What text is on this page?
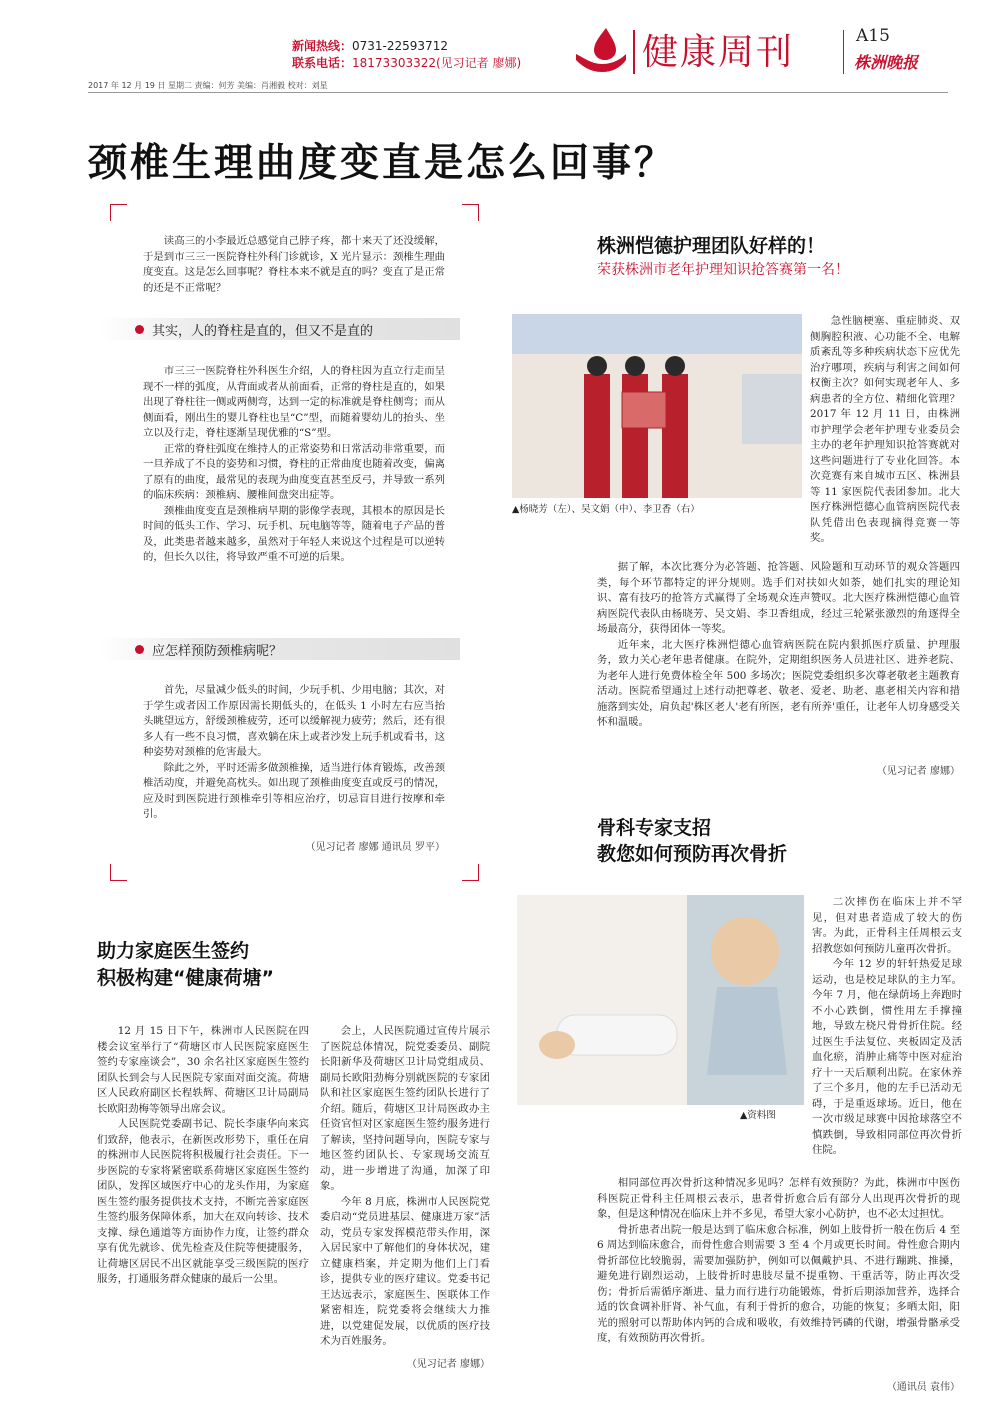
新闻热线：0731-22593712
联系电话：18173303322(见习记者 廖娜)
2017 年 12 月 19 日 星期二 责编：何芳 美编：肖湘毅 校对：刘星
健康周刊	A15
株洲晚报
颈椎生理曲度变直是怎么回事？

读高三的小李最近总感觉自己脖子疼，都十来天了还没缓解，于是到市三三一医院脊柱外科门诊就诊，X 光片显示：颈椎生理曲度变直。这是怎么回事呢？脊柱本来不就是直的吗？变直了是正常的还是不正常呢？

其实，人的脊柱是直的，但又不是直的

市三三一医院脊柱外科医生介绍，人的脊柱因为直立行走而呈现不一样的弧度，从背面或者从前面看，正常的脊柱是直的，如果出现了脊柱往一侧或两侧弯，达到一定的标准就是脊柱侧弯；而从侧面看，刚出生的婴儿脊柱也呈“C”型，而随着婴幼儿的抬头、坐立以及行走，脊柱逐渐呈现优雅的“S”型。

正常的脊柱弧度在维持人的正常姿势和日常活动非常重要，而一旦养成了不良的姿势和习惯，脊柱的正常曲度也随着改变，偏离了原有的曲度，最常见的表现为曲度变直甚至反弓，并导致一系列的临床疾病：颈椎病、腰椎间盘突出症等。

颈椎曲度变直是颈椎病早期的影像学表现，其根本的原因是长时间的低头工作、学习、玩手机、玩电脑等等，随着电子产品的普及，此类患者越来越多，虽然对于年轻人来说这个过程是可以逆转的，但长久以往，将导致严重不可逆的后果。

应怎样预防颈椎病呢？

首先，尽量减少低头的时间，少玩手机、少用电脑；其次，对于学生或者因工作原因需长期低头的，在低头 1 小时左右应当抬头眺望远方，舒缓颈椎疲劳，还可以缓解视力疲劳；然后，还有很多人有一些不良习惯，喜欢躺在床上或者沙发上玩手机或看书，这种姿势对颈椎的危害最大。

除此之外，平时还需多做颈椎操，适当进行体育锻炼，改善颈椎活动度，并避免高枕头。如出现了颈椎曲度变直或反弓的情况，应及时到医院进行颈椎牵引等相应治疗，切忌盲目进行按摩和牵引。

（见习记者 廖娜 通讯员 罗平）
株洲恺德护理团队好样的！
荣获株洲市老年护理知识抢答赛第一名！
▲杨晓芳（左）、吴文娟（中）、李卫香（右）

急性脑梗塞、重症肺炎、双侧胸腔积液、心功能不全、电解质紊乱等多种疾病状态下应优先治疗哪项，疾病与利害之间如何权衡主次？如何实现老年人、多病患者的全方位、精细化管理？2017 年 12 月 11 日，由株洲市护理学会老年护理专业委员会主办的老年护理知识抢答赛就对这些问题进行了专业化回答。本次竞赛有来自城市五区、株洲县等 11 家医院代表团参加。北大医疗株洲恺德心血管病医院代表队凭借出色表现摘得竞赛一等奖。

据了解，本次比赛分为必答题、抢答题、风险题和互动环节的观众答题四类，每个环节都特定的评分规则。选手们对扶如火如荼，她们扎实的理论知识、富有技巧的抢答方式赢得了全场观众连声赞叹。北大医疗株洲恺德心血管病医院代表队由杨晓芳、吴文娟、李卫香组成，经过三轮紧张激烈的角逐得全场最高分，获得团体一等奖。

近年来，北大医疗株洲恺德心血管病医院在院内狠抓医疗质量、护理服务，致力关心老年患者健康。在院外，定期组织医务人员进社区、进养老院、为老年人进行免费体检全年 500 多场次；医院党委组织多次尊老敬老主题教育活动。医院希望通过上述行动把尊老、敬老、爱老、助老、惠老相关内容和措施落到实处，肩负起'株区老人'老有所医，老有所养'重任，让老年人切身感受关怀和温暖。

（见习记者 廖娜）
骨科专家支招
教您如何预防再次骨折
▲资料图

二次摔伤在临床上并不罕见，但对患者造成了较大的伤害。为此，正骨科主任周根云支招教您如何预防儿童再次骨折。

今年 12 岁的轩轩热爱足球运动，也是校足球队的主力军。今年 7 月，他在绿荫场上奔跑时不小心跌倒，惯性用左手撑撞地，导致左桡尺骨骨折住院。经过医生手法复位、夹板固定及活血化瘀，消肿止痛等中医对症治疗十一天后顺利出院。在家休养了三个多月，他的左手已活动无碍，于是重返球场。近日，他在一次市级足球赛中因抢球落空不慎跌倒，导致相同部位再次骨折住院。

相同部位再次骨折这种情况多见吗？怎样有效预防？为此，株洲市中医伤科医院正骨科主任周根云表示，患者骨折愈合后有部分人出现再次骨折的现象，但是这种情况在临床上并不多见，希望大家小心防护，也不必太过担忧。

骨折患者出院一般是达到了临床愈合标准，例如上肢骨折一般在伤后 4 至 6 周达到临床愈合，而骨性愈合则需要 3 至 4 个月或更长时间。骨性愈合期内骨折部位比较脆弱，需要加强防护，例如可以佩戴护具、不进行蹦跳、推搡，避免进行剧烈运动，上肢骨折时患肢尽量不提重物、干重活等，防止再次受伤；骨折后需循序渐进、量力而行进行功能锻炼，骨折后期添加营养，选择合适的饮食调补肝肾、补气血，有利于骨折的愈合，功能的恢复；多晒太阳，阳光的照射可以帮助体内钙的合成和吸收，有效维持钙磷的代谢，增强骨骼承受度，有效预防再次骨折。

（通讯员 袁伟）
助力家庭医生签约
积极构建“健康荷塘”

12 月 15 日下午，株洲市人民医院在四楼会议室举行了“荷塘区市人民医院家庭医生签约专家座谈会”，30 余名社区家庭医生签约团队长到会与人民医院专家面对面交流。荷塘区人民政府副区长程轶辉、荷塘区卫计局副局长欧阳劲梅等领导出席会议。

人民医院党委副书记、院长李康华向来宾们致辞，他表示，在新医改形势下，重任在肩的株洲市人民医院将积极履行社会责任。下一步医院的专家将紧密联系荷塘区家庭医生签约团队，发挥区域医疗中心的龙头作用，为家庭医生签约服务提供技术支持，不断完善家庭医生签约服务保障体系，加大在双向转诊、技术支撑、绿色通道等方面协作力度，让签约群众享有优先就诊、优先检查及住院等便捷服务，让荷塘区居民不出区就能享受三级医院的医疗服务，打通服务群众健康的最后一公里。

会上，人民医院通过宣传片展示了医院总体情况，院党委委员、副院长阳新华及荷塘区卫计局党组成员、副局长欧阳劲梅分别就医院的专家团队和社区家庭医生签约团队长进行了介绍。随后，荷塘区卫计局医政办主任资官恒对区家庭医生签约服务进行了解读，坚持问题导向，医院专家与地区签约团队长、专家现场交流互动，进一步增进了沟通，加深了印象。

今年 8 月底，株洲市人民医院党委启动“党员进基层、健康进万家”活动，党员专家发挥模范带头作用，深入居民家中了解他们的身体状况，建立健康档案，并定期为他们上门看诊，提供专业的医疗建议。党委书记王达远表示，家庭医生、医联体工作紧密相连，院党委将会继续大力推进，以党建促发展，以优质的医疗技术为百姓服务。

（见习记者 廖娜）
